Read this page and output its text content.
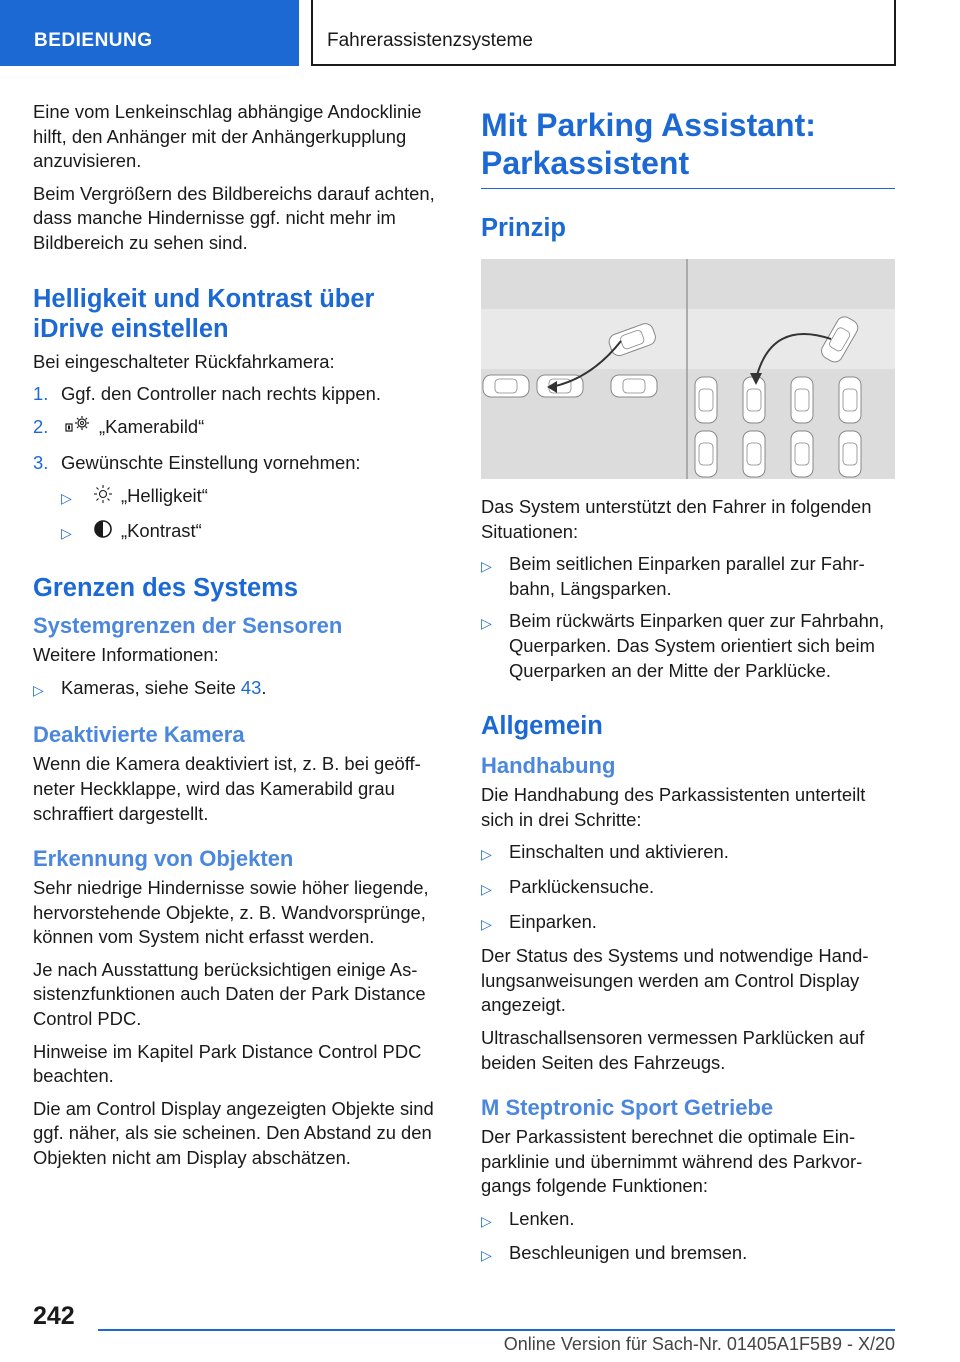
BEDIENUNG	Fahrerassistenzsysteme

Eine vom Lenkeinschlag abhängige Andocklinie hilft, den Anhänger mit der Anhängerkupplung anzuvisieren.

Beim Vergrößern des Bildbereichs darauf achten, dass manche Hindernisse ggf. nicht mehr im Bildbereich zu sehen sind.

Helligkeit und Kontrast über iDrive einstellen

Bei eingeschalteter Rückfahrkamera:

1. Ggf. den Controller nach rechts kippen.
2.	„Kamerabild“
3. Gewünschte Einstellung vornehmen:
▷	„Helligkeit“
▷	„Kontrast“
Grenzen des Systems
Systemgrenzen der Sensoren

Weitere Informationen:

▷ Kameras, siehe Seite 43.
Deaktivierte Kamera

Wenn die Kamera deaktiviert ist, z. B. bei geöffneter Heckklappe, wird das Kamerabild grau schraffiert dargestellt.

Erkennung von Objekten

Sehr niedrige Hindernisse sowie höher liegende, hervorstehende Objekte, z. B. Wandvorsprünge, können vom System nicht erfasst werden.

Je nach Ausstattung berücksichtigen einige Assistenzfunktionen auch Daten der Park Distance Control PDC.

Hinweise im Kapitel Park Distance Control PDC beachten.

Die am Control Display angezeigten Objekte sind ggf. näher, als sie scheinen. Den Abstand zu den Objekten nicht am Display abschätzen.

Mit Parking Assistant: Parkassistent
Prinzip

Das System unterstützt den Fahrer in folgenden Situationen:

▷ Beim seitlichen Einparken parallel zur Fahrbahn, Längsparken.
▷ Beim rückwärts Einparken quer zur Fahrbahn, Querparken. Das System orientiert sich beim Querparken an der Mitte der Parklücke.
Allgemein
Handhabung

Die Handhabung des Parkassistenten unterteilt sich in drei Schritte:

▷ Einschalten und aktivieren.
▷ Parklückensuche.
▷ Einparken.

Der Status des Systems und notwendige Handlungsanweisungen werden am Control Display angezeigt.

Ultraschallsensoren vermessen Parklücken auf beiden Seiten des Fahrzeugs.

M Steptronic Sport Getriebe

Der Parkassistent berechnet die optimale Einparklinie und übernimmt während des Parkvorgangs folgende Funktionen:

▷ Lenken.
▷ Beschleunigen und bremsen.
242
Online Version für Sach-Nr. 01405A1F5B9 - X/20
